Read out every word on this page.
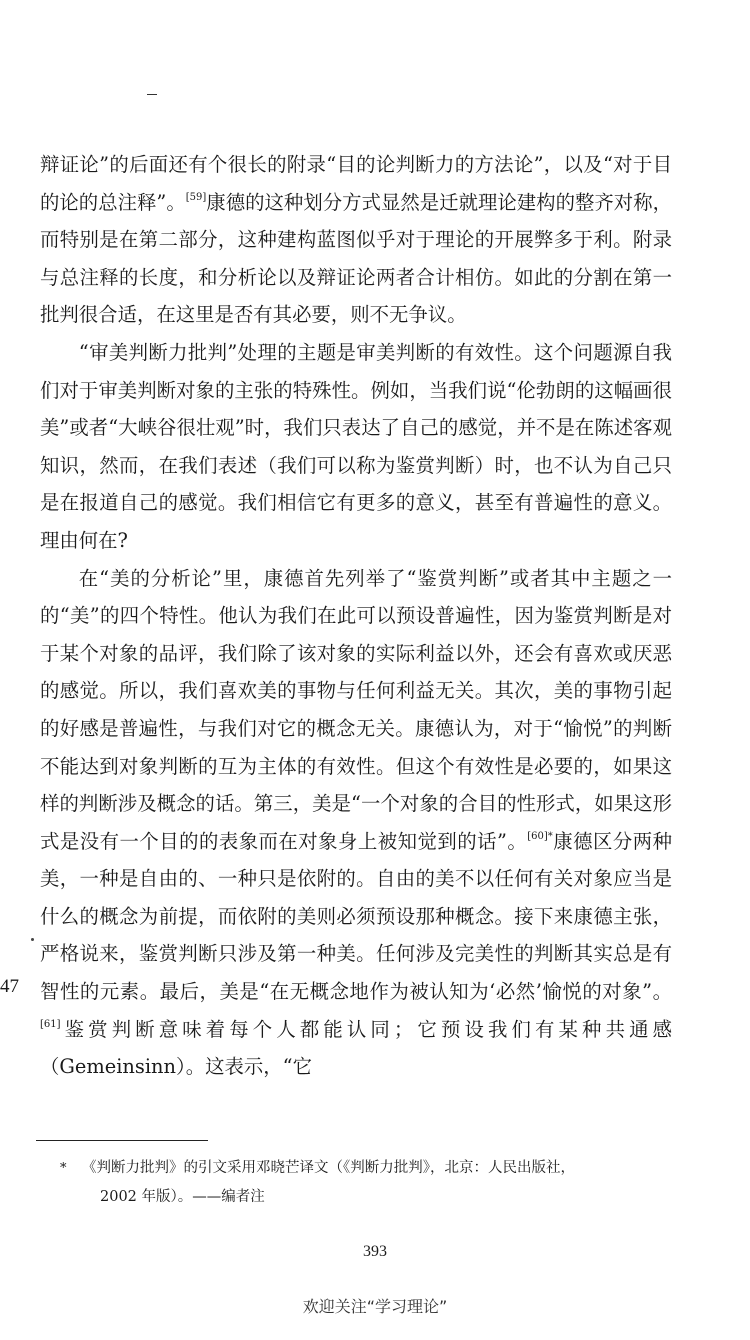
辩证论”的后面还有个很长的附录“目的论判断力的方法论”，以及“对于目的论的总注释”。[59]康德的这种划分方式显然是迁就理论建构的整齐对称，而特别是在第二部分，这种建构蓝图似乎对于理论的开展弊多于利。附录与总注释的长度，和分析论以及辩证论两者合计相仿。如此的分割在第一批判很合适，在这里是否有其必要，则不无争议。

“审美判断力批判”处理的主题是审美判断的有效性。这个问题源自我们对于审美判断对象的主张的特殊性。例如，当我们说“伦勃朗的这幅画很美”或者“大峡谷很壮观”时，我们只表达了自己的感觉，并不是在陈述客观知识，然而，在我们表述（我们可以称为鉴赏判断）时，也不认为自己只是在报道自己的感觉。我们相信它有更多的意义，甚至有普遍性的意义。理由何在?

在“美的分析论”里，康德首先列举了“鉴赏判断”或者其中主题之一的“美”的四个特性。他认为我们在此可以预设普遍性，因为鉴赏判断是对于某个对象的品评，我们除了该对象的实际利益以外，还会有喜欢或厌恶的感觉。所以，我们喜欢美的事物与任何利益无关。其次，美的事物引起的好感是普遍性，与我们对它的概念无关。康德认为，对于“愉悦”的判断不能达到对象判断的互为主体的有效性。但这个有效性是必要的，如果这样的判断涉及概念的话。第三，美是“一个对象的合目的性形式，如果这形式是没有一个目的的表象而在对象身上被知觉到的话”。$^{[60]*}$康德区分两种美，一种是自由的、一种只是依附的。自由的美不以任何有关对象应当是什么的概念为前提，而依附的美则必须预设那种概念。接下来康德主张，严格说来，鉴赏判断只涉及第一种美。任何涉及完美性的判断其实总是有智性的元素。最后，美是“在无概念地作为被认知为‘必然’愉悦的对象”。[61]鉴赏判断意味着每个人都能认同；它预设我们有某种共通感（Gemeinsinn）。这表示，“它

47
* 《判断力批判》的引文采用邓晓芒译文（《判断力批判》，北京：人民出版社，
2002 年版）。——编者注
393
欢迎关注“学习理论”
